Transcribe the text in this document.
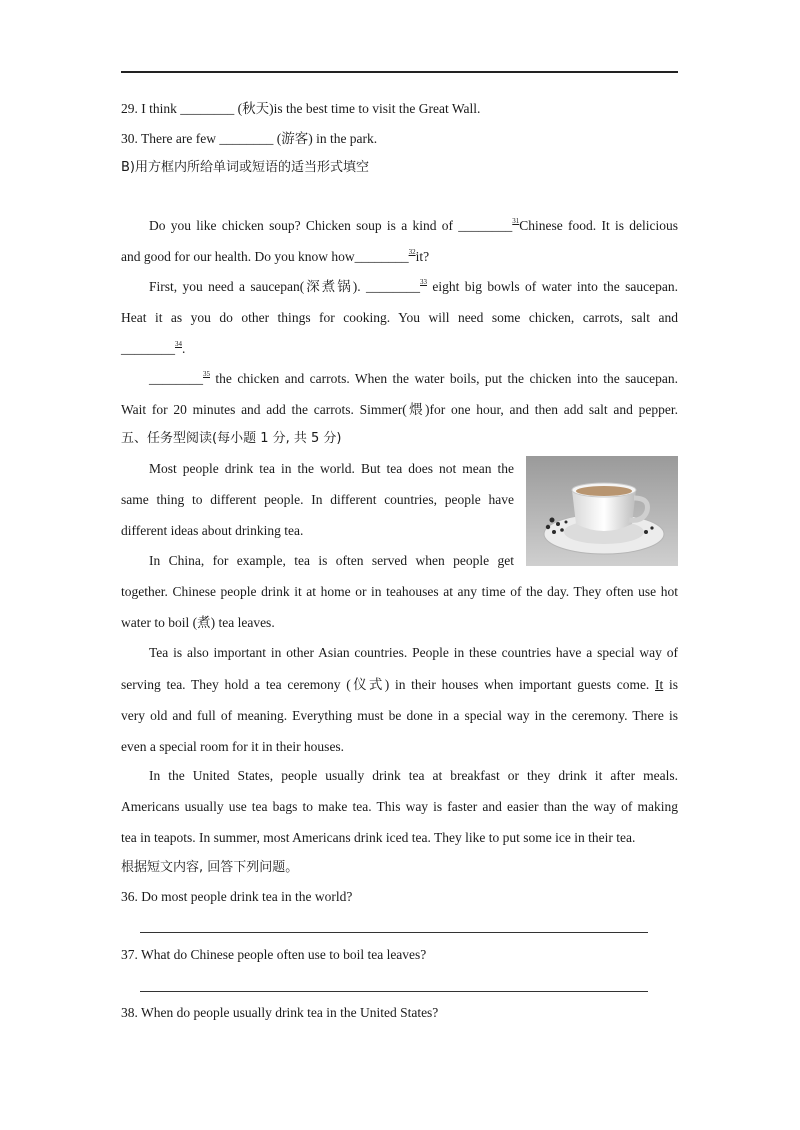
29. I think ________ (秋天)is the best time to visit the Great Wall.
30. There are few ________ (游客) in the park.
B)用方框内所给单词或短语的适当形式填空
Do you like chicken soup? Chicken soup is a kind of ________$^{31}$Chinese food. It is delicious
and good for our health. Do you know how________$^{32}$it?
First, you need a saucepan(深煮锅). ________$^{33}$ eight big bowls of water into the saucepan.
Heat it as you do other things for cooking. You will need some chicken, carrots, salt and
________$^{34}$.
________$^{35}$ the chicken and carrots. When the water boils, put the chicken into the saucepan.
Wait for 20 minutes and add the carrots. Simmer(煨)for one hour, and then add salt and pepper.
五、任务型阅读(每小题 1 分, 共 5 分)
Most people drink tea in the world. But tea does not mean the
same thing to different people. In different countries, people have
different ideas about drinking tea.
In China, for example, tea is often served when people get
together. Chinese people drink it at home or in teahouses at any time of the day. They often use hot
water to boil (煮) tea leaves.
Tea is also important in other Asian countries. People in these countries have a special way of
serving tea. They hold a tea ceremony (仪式) in their houses when important guests come. It is
very old and full of meaning. Everything must be done in a special way in the ceremony. There is
even a special room for it in their houses.
In the United States, people usually drink tea at breakfast or they drink it after meals.
Americans usually use tea bags to make tea. This way is faster and easier than the way of making
tea in teapots. In summer, most Americans drink iced tea. They like to put some ice in their tea.
根据短文内容, 回答下列问题。
36. Do most people drink tea in the world?
37. What do Chinese people often use to boil tea leaves?
38. When do people usually drink tea in the United States?
